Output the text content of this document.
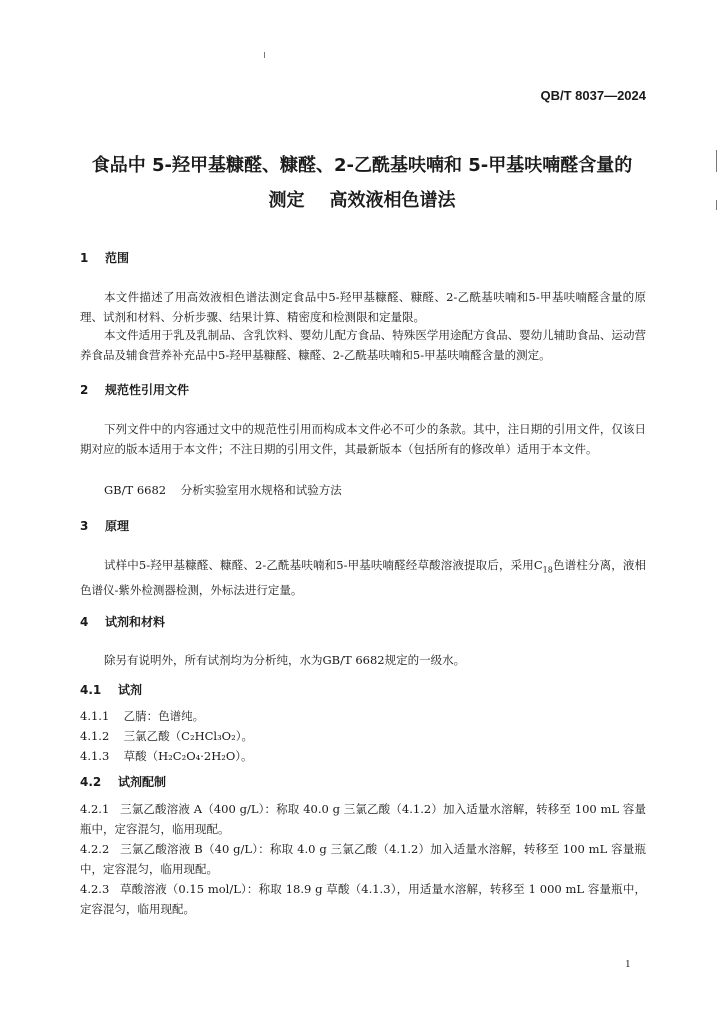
QB/T 8037—2024
食品中 5-羟甲基糠醛、糠醛、2-乙酰基呋喃和 5-甲基呋喃醛含量的
测定    高效液相色谱法
1    范围
本文件描述了用高效液相色谱法测定食品中5-羟甲基糠醛、糠醛、2-乙酰基呋喃和5-甲基呋喃醛含量的原理、试剂和材料、分析步骤、结果计算、精密度和检测限和定量限。
本文件适用于乳及乳制品、含乳饮料、婴幼儿配方食品、特殊医学用途配方食品、婴幼儿辅助食品、运动营养食品及辅食营养补充品中5-羟甲基糠醛、糠醛、2-乙酰基呋喃和5-甲基呋喃醛含量的测定。
2    规范性引用文件
下列文件中的内容通过文中的规范性引用而构成本文件必不可少的条款。其中，注日期的引用文件，仅该日期对应的版本适用于本文件；不注日期的引用文件，其最新版本（包括所有的修改单）适用于本文件。
GB/T 6682    分析实验室用水规格和试验方法
3    原理
试样中5-羟甲基糠醛、糠醛、2-乙酰基呋喃和5-甲基呋喃醛经草酸溶液提取后，采用$C_{18}$色谱柱分离，液相色谱仪-紫外检测器检测，外标法进行定量。
4    试剂和材料
除另有说明外，所有试剂均为分析纯，水为GB/T 6682规定的一级水。
4.1    试剂
4.1.1 乙腈：色谱纯。
4.1.2 三氯乙酸（C₂HCl₃O₂）。
4.1.3 草酸（H₂C₂O₄·2H₂O）。
4.2    试剂配制
4.2.1 三氯乙酸溶液 A（400 g/L）：称取 40.0 g 三氯乙酸（4.1.2）加入适量水溶解，转移至 100 mL 容量瓶中，定容混匀，临用现配。
4.2.2 三氯乙酸溶液 B（40 g/L）：称取 4.0 g 三氯乙酸（4.1.2）加入适量水溶解，转移至 100 mL 容量瓶中，定容混匀，临用现配。
4.2.3 草酸溶液（0.15 mol/L）：称取 18.9 g 草酸（4.1.3），用适量水溶解，转移至 1 000 mL 容量瓶中，定容混匀，临用现配。
1
